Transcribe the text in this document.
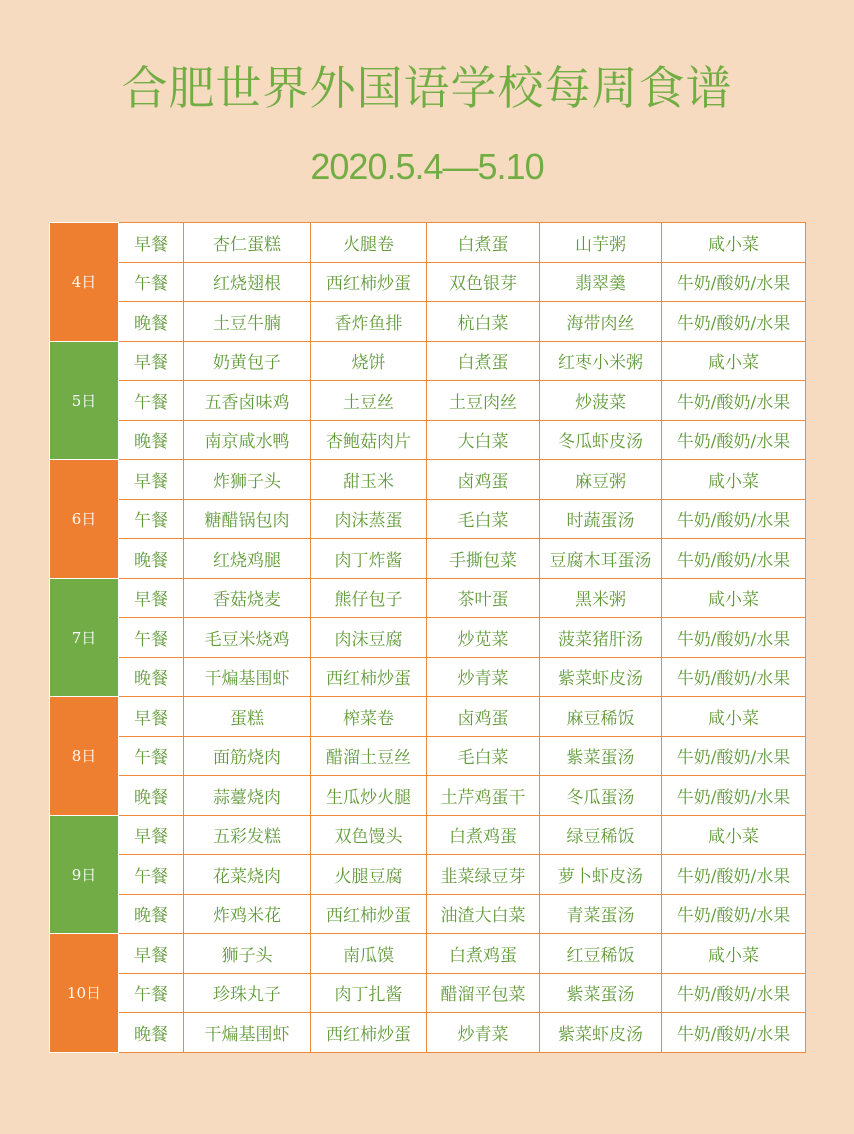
合肥世界外国语学校每周食谱
2020.5.4—5.10
4日	早餐	杏仁蛋糕	火腿卷	白煮蛋	山芋粥	咸小菜
	午餐	红烧翅根	西红柿炒蛋	双色银芽	翡翠羹	牛奶/酸奶/水果
	晚餐	土豆牛腩	香炸鱼排	杭白菜	海带肉丝	牛奶/酸奶/水果
5日	早餐	奶黄包子	烧饼	白煮蛋	红枣小米粥	咸小菜
	午餐	五香卤味鸡	土豆丝	土豆肉丝	炒菠菜	牛奶/酸奶/水果
	晚餐	南京咸水鸭	杏鲍菇肉片	大白菜	冬瓜虾皮汤	牛奶/酸奶/水果
6日	早餐	炸狮子头	甜玉米	卤鸡蛋	麻豆粥	咸小菜
	午餐	糖醋锅包肉	肉沫蒸蛋	毛白菜	时蔬蛋汤	牛奶/酸奶/水果
	晚餐	红烧鸡腿	肉丁炸酱	手撕包菜	豆腐木耳蛋汤	牛奶/酸奶/水果
7日	早餐	香菇烧麦	熊仔包子	茶叶蛋	黑米粥	咸小菜
	午餐	毛豆米烧鸡	肉沫豆腐	炒苋菜	菠菜猪肝汤	牛奶/酸奶/水果
	晚餐	干煸基围虾	西红柿炒蛋	炒青菜	紫菜虾皮汤	牛奶/酸奶/水果
8日	早餐	蛋糕	榨菜卷	卤鸡蛋	麻豆稀饭	咸小菜
	午餐	面筋烧肉	醋溜土豆丝	毛白菜	紫菜蛋汤	牛奶/酸奶/水果
	晚餐	蒜薹烧肉	生瓜炒火腿	土芹鸡蛋干	冬瓜蛋汤	牛奶/酸奶/水果
9日	早餐	五彩发糕	双色馒头	白煮鸡蛋	绿豆稀饭	咸小菜
	午餐	花菜烧肉	火腿豆腐	韭菜绿豆芽	萝卜虾皮汤	牛奶/酸奶/水果
	晚餐	炸鸡米花	西红柿炒蛋	油渣大白菜	青菜蛋汤	牛奶/酸奶/水果
10日	早餐	狮子头	南瓜馍	白煮鸡蛋	红豆稀饭	咸小菜
	午餐	珍珠丸子	肉丁扎酱	醋溜平包菜	紫菜蛋汤	牛奶/酸奶/水果
	晚餐	干煸基围虾	西红柿炒蛋	炒青菜	紫菜虾皮汤	牛奶/酸奶/水果
